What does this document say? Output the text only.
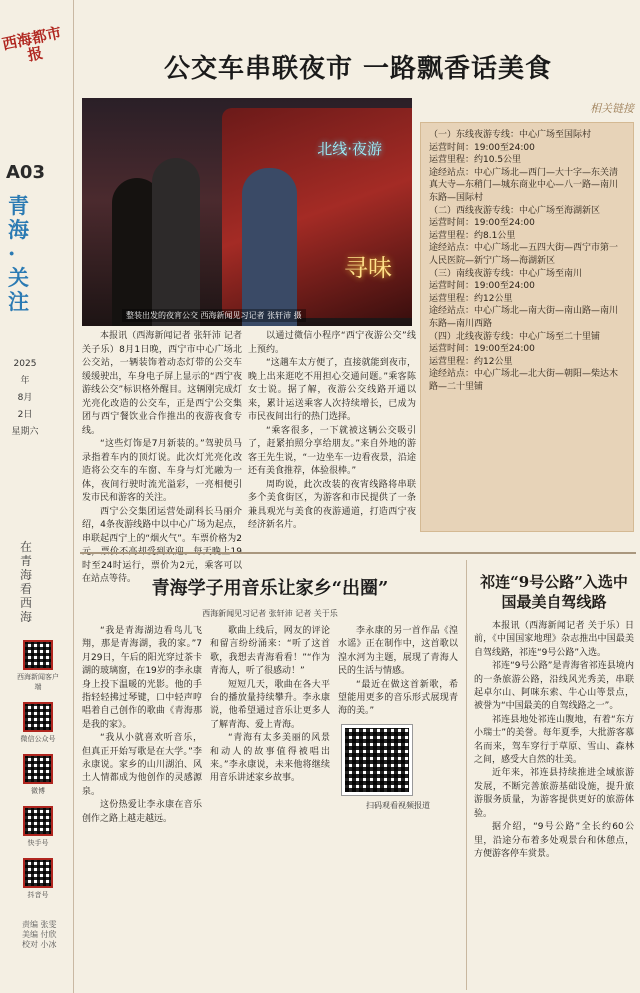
西海都市报
A03
青海·关注
2025年
8月
2日
星期六
在青海 看西海
西海新闻客户端
微信公众号
微博
快手号
抖音号
责编 张雯 美编 付欣 校对 小冰
公交车串联夜市 一路飘香话美食
北线·夜游
寻味
整装出发的夜宵公交 西海新闻见习记者 张轩沛 摄
相关链接

（一）东线夜游专线：中心广场至国际村

运营时间：19:00至24:00

运营里程：约10.5公里

途经站点：中心广场北—西门—大十字—东关清真大寺—东稍门—城东商业中心—八一路—南川东路—国际村

（二）西线夜游专线：中心广场至海湖新区

运营时间：19:00至24:00

运营里程：约8.1公里

途经站点：中心广场北—五四大街—西宁市第一人民医院—新宁广场—海湖新区

（三）南线夜游专线：中心广场至南川

运营时间：19:00至24:00

运营里程：约12公里

途经站点：中心广场北—南大街—南山路—南川东路—南川西路

（四）北线夜游专线：中心广场至二十里铺

运营时间：19:00至24:00

运营里程：约12公里

途经站点：中心广场北—北大街—朝阳—柴达木路—二十里铺

本报讯（西海新闻记者 张轩沛 记者关子乐）8月1日晚，西宁市中心广场北公交站，一辆装饰着动态灯带的公交车缓缓驶出，车身电子屏上显示的“西宁夜游线公交”标识格外醒目。这辆刚完成灯光亮化改造的公交车，正是西宁公交集团与西宁餐饮业合作推出的夜游夜食专线。

“这些灯饰是7月新装的。”驾驶员马录指着车内的顶灯说。此次灯光亮化改造将公交车的车窗、车身与灯光融为一体，夜间行驶时流光溢彩，一亮相便引发市民和游客的关注。

西宁公交集团运营处副科长马丽介绍，4条夜游线路中以中心广场为起点，串联起西宁上的“烟火气”。车票价格为2 时至24时运行，票价为2元，乘客可以在站点等待。

以通过微信小程序“西宁夜游公交”线上预约。

“这趟车太方便了，直接就能到夜市，晚上出来逛吃不用担心交通问题。”乘客陈女士说。据了解，夜游公交线路开通以来，累计运送乘客人次持续增长，已成为市民夜间出行的热门选择。

“乘客很多，一下就被这辆公交吸引了，赶紧拍照分享给朋友。”来自外地的游客王先生说，“一边坐车一边看夜景，沿途还有美食推荐，体验很棒。”

周昀说，此次改装的夜宵线路将串联多个美食街区，为游客和市民提供了一条兼具观光与美食的夜游通道，打造西宁夜经济新名片。

青海学子用音乐让家乡“出圈”
西海新闻见习记者 张轩沛 记者 关于乐

“我是青海湖边看鸟儿飞翔，那是青海湖，我的家。”7月29日，午后的阳光穿过茶卡湖的玻璃窗，在19岁的李永康身上投下温暖的光影。他的手指轻轻拂过琴键，口中轻声哼唱着自己创作的歌曲《青海那是我的家》。

“我从小就喜欢听音乐，但真正开始写歌是在大学。”李永康说。家乡的山川湖泊、风土人情都成为他创作的灵感源泉。

这份热爱让李永康在音乐创作之路上越走越远。

歌曲上线后，网友的评论和留言纷纷涌来：“听了这首歌，我想去青海看看！”“作为青海人，听了很感动！”

短短几天，歌曲在各大平台的播放量持续攀升。李永康说，他希望通过音乐让更多人了解青海、爱上青海。

“青海有太多美丽的风景和动人的故事值得被唱出来。”李永康说，未来他将继续用音乐讲述家乡故事。

李永康的另一首作品《湟水谣》正在制作中，这首歌以湟水河为主题，展现了青海人民的生活与情感。

“最近在做这首新歌，希望能用更多的音乐形式展现青海的美。”

扫码观看视频报道
祁连“9号公路”入选中国最美自驾线路

本报讯（西海新闻记者 关于乐）日前，《中国国家地理》杂志推出中国最美自驾线路，祁连“9号公路”入选。

祁连“9号公路”是青海省祁连县境内的一条旅游公路，沿线风光秀美，串联起卓尔山、阿咪东索、牛心山等景点，被誉为“中国最美的自驾线路之一”。

祁连县地处祁连山腹地，有着“东方小瑞士”的美誉。每年夏季，大批游客慕名而来，驾车穿行于草原、雪山、森林之间，感受大自然的壮美。

近年来，祁连县持续推进全域旅游发展，不断完善旅游基础设施，提升旅游服务质量，为游客提供更好的旅游体验。

据介绍，“9号公路”全长约60公里，沿途分布着多处观景台和休憩点，方便游客停车赏景。
